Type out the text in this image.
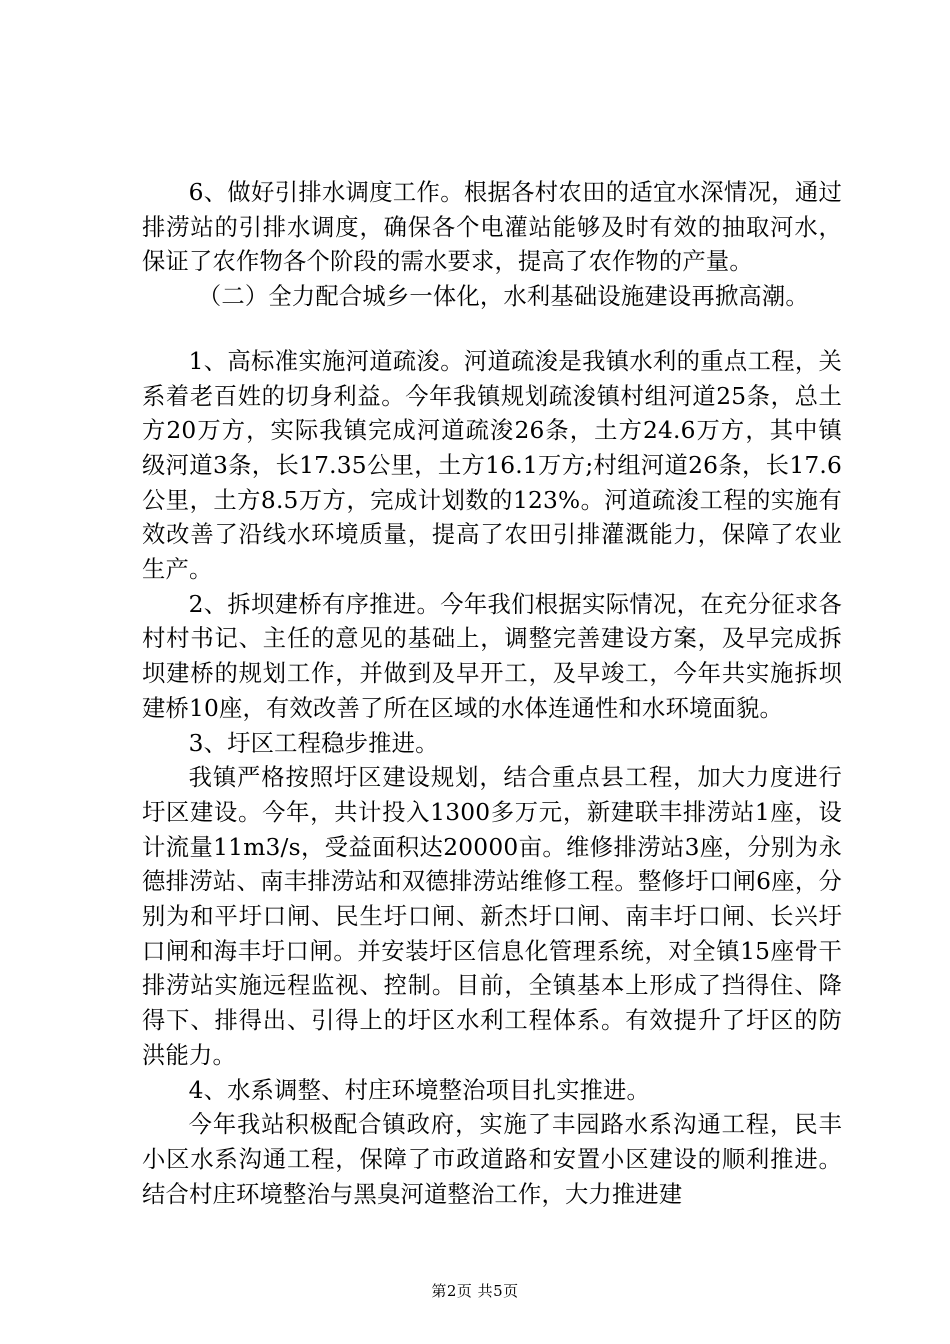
6、做好引排水调度工作。根据各村农田的适宜水深情况，通过排涝站的引排水调度，确保各个电灌站能够及时有效的抽取河水，保证了农作物各个阶段的需水要求，提高了农作物的产量。

（二）全力配合城乡一体化，水利基础设施建设再掀高潮。

1、高标准实施河道疏浚。河道疏浚是我镇水利的重点工程，关系着老百姓的切身利益。今年我镇规划疏浚镇村组河道25条，总土方20万方，实际我镇完成河道疏浚26条，土方24.6万方，其中镇级河道3条，长17.35公里，土方16.1万方;村组河道26条，长17.6公里，土方8.5万方，完成计划数的123%。河道疏浚工程的实施有效改善了沿线水环境质量，提高了农田引排灌溉能力，保障了农业生产。

2、拆坝建桥有序推进。今年我们根据实际情况，在充分征求各村村书记、主任的意见的基础上，调整完善建设方案，及早完成拆坝建桥的规划工作，并做到及早开工，及早竣工，今年共实施拆坝建桥10座，有效改善了所在区域的水体连通性和水环境面貌。

3、圩区工程稳步推进。

我镇严格按照圩区建设规划，结合重点县工程，加大力度进行圩区建设。今年，共计投入1300多万元，新建联丰排涝站1座，设计流量11m3/s，受益面积达20000亩。维修排涝站3座，分别为永德排涝站、南丰排涝站和双德排涝站维修工程。整修圩口闸6座，分别为和平圩口闸、民生圩口闸、新杰圩口闸、南丰圩口闸、长兴圩口闸和海丰圩口闸。并安装圩区信息化管理系统，对全镇15座骨干排涝站实施远程监视、控制。目前，全镇基本上形成了挡得住、降得下、排得出、引得上的圩区水利工程体系。有效提升了圩区的防洪能力。

4、水系调整、村庄环境整治项目扎实推进。

今年我站积极配合镇政府，实施了丰园路水系沟通工程，民丰小区水系沟通工程，保障了市政道路和安置小区建设的顺利推进。结合村庄环境整治与黑臭河道整治工作，大力推进建

第2页 共5页
